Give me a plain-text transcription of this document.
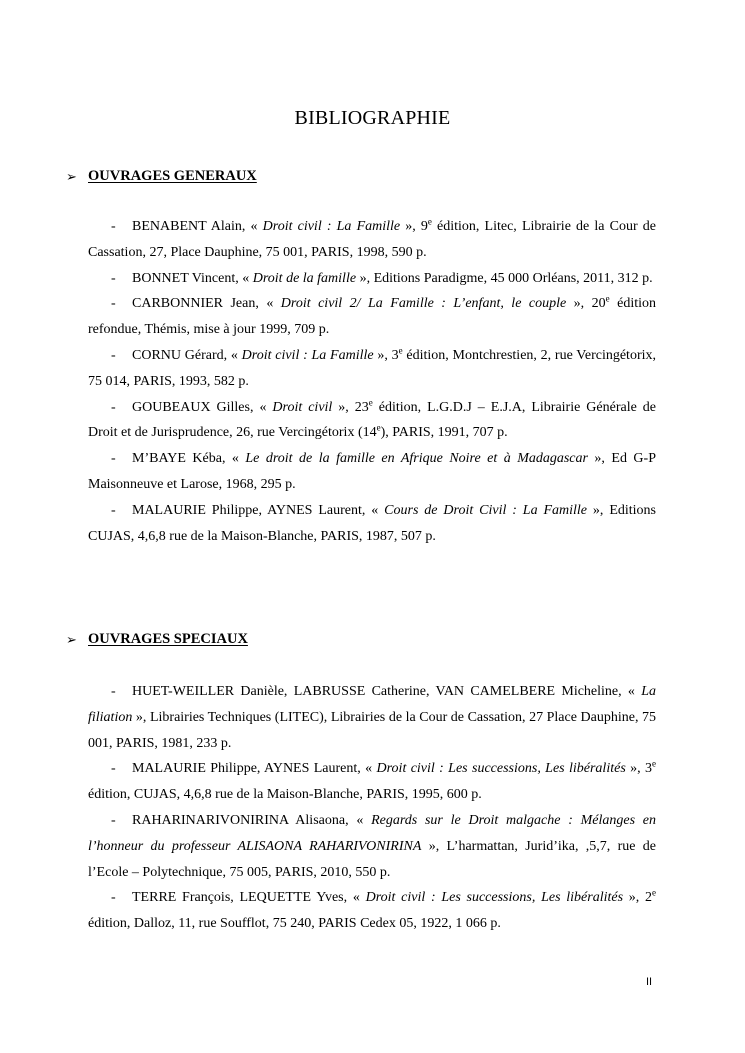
BIBLIOGRAPHIE
➢ OUVRAGES GENERAUX

- BENABENT Alain, « Droit civil : La Famille », 9e édition, Litec, Librairie de la Cour de Cassation, 27, Place Dauphine, 75 001, PARIS, 1998, 590 p.

- BONNET Vincent, « Droit de la famille », Editions Paradigme, 45 000 Orléans, 2011, 312 p.

- CARBONNIER Jean, « Droit civil 2/ La Famille : L’enfant, le couple », 20e édition refondue, Thémis, mise à jour 1999, 709 p.

- CORNU Gérard, « Droit civil : La Famille », 3e édition, Montchrestien, 2, rue Vercingétorix, 75 014, PARIS, 1993, 582 p.

- GOUBEAUX Gilles, « Droit civil », 23e édition, L.G.D.J – E.J.A, Librairie Générale de Droit et de Jurisprudence, 26, rue Vercingétorix (14e), PARIS, 1991, 707 p.

- M’BAYE Kéba, « Le droit de la famille en Afrique Noire et à Madagascar », Ed G-P Maisonneuve et Larose, 1968, 295 p.

- MALAURIE Philippe, AYNES Laurent, « Cours de Droit Civil : La Famille », Editions CUJAS, 4,6,8 rue de la Maison-Blanche, PARIS, 1987, 507 p.

➢ OUVRAGES SPECIAUX

- HUET-WEILLER Danièle, LABRUSSE Catherine, VAN CAMELBERE Micheline, « La filiation », Librairies Techniques (LITEC), Librairies de la Cour de Cassation, 27 Place Dauphine, 75 001, PARIS, 1981, 233 p.

- MALAURIE Philippe, AYNES Laurent, « Droit civil : Les successions, Les libéralités », 3e édition, CUJAS, 4,6,8 rue de la Maison-Blanche, PARIS, 1995, 600 p.

- RAHARINARIVONIRINA Alisaona, « Regards sur le Droit malgache : Mélanges en l’honneur du professeur ALISAONA RAHARIVONIRINA », L’harmattan, Jurid’ika, ,5,7, rue de l’Ecole – Polytechnique, 75 005, PARIS, 2010, 550 p.

- TERRE François, LEQUETTE Yves, « Droit civil : Les successions, Les libéralités », 2e édition, Dalloz, 11, rue Soufflot, 75 240, PARIS Cedex 05, 1922, 1 066 p.

II
